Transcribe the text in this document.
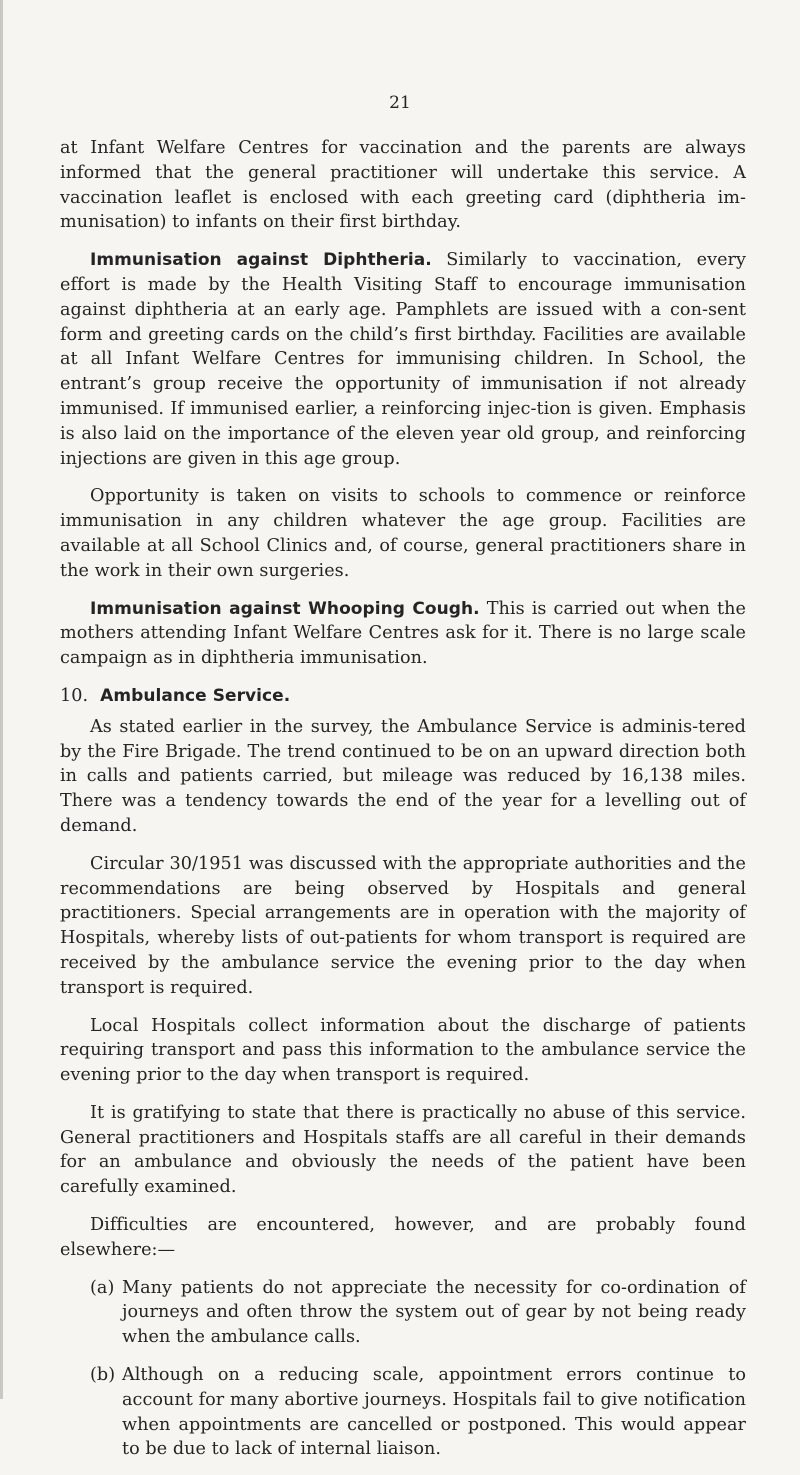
21

at Infant Welfare Centres for vaccination and the parents are always informed that the general practitioner will undertake this service. A vaccination leaflet is enclosed with each greeting card (diphtheria im-munisation) to infants on their first birthday.

Immunisation against Diphtheria. Similarly to vaccination, every effort is made by the Health Visiting Staff to encourage immunisation against diphtheria at an early age. Pamphlets are issued with a con-sent form and greeting cards on the child’s first birthday. Facilities are available at all Infant Welfare Centres for immunising children. In School, the entrant’s group receive the opportunity of immunisation if not already immunised. If immunised earlier, a reinforcing injec-tion is given. Emphasis is also laid on the importance of the eleven year old group, and reinforcing injections are given in this age group.

Opportunity is taken on visits to schools to commence or reinforce immunisation in any children whatever the age group. Facilities are available at all School Clinics and, of course, general practitioners share in the work in their own surgeries.

Immunisation against Whooping Cough. This is carried out when the mothers attending Infant Welfare Centres ask for it. There is no large scale campaign as in diphtheria immunisation.

10. Ambulance Service.

As stated earlier in the survey, the Ambulance Service is adminis-tered by the Fire Brigade. The trend continued to be on an upward direction both in calls and patients carried, but mileage was reduced by 16,138 miles. There was a tendency towards the end of the year for a levelling out of demand.

Circular 30/1951 was discussed with the appropriate authorities and the recommendations are being observed by Hospitals and general practitioners. Special arrangements are in operation with the majority of Hospitals, whereby lists of out-patients for whom transport is required are received by the ambulance service the evening prior to the day when transport is required.

Local Hospitals collect information about the discharge of patients requiring transport and pass this information to the ambulance service the evening prior to the day when transport is required.

It is gratifying to state that there is practically no abuse of this service. General practitioners and Hospitals staffs are all careful in their demands for an ambulance and obviously the needs of the patient have been carefully examined.

Difficulties are encountered, however, and are probably found elsewhere:—

(a) Many patients do not appreciate the necessity for co-ordination of journeys and often throw the system out of gear by not being ready when the ambulance calls.

(b) Although on a reducing scale, appointment errors continue to account for many abortive journeys. Hospitals fail to give notification when appointments are cancelled or postponed. This would appear to be due to lack of internal liaison.
